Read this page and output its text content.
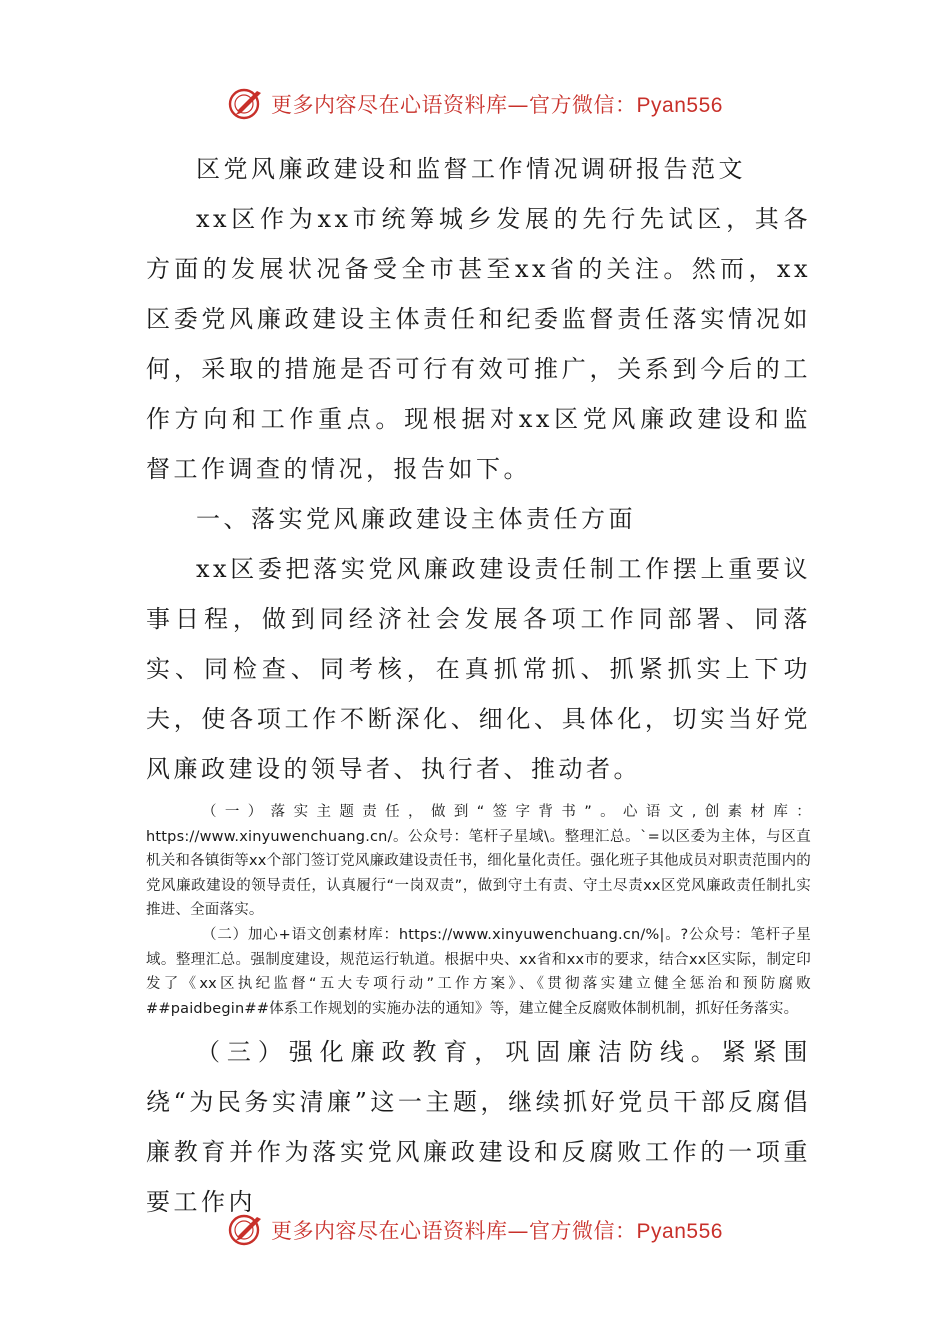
更多内容尽在心语资料库—官方微信：Pyan556

区党风廉政建设和监督工作情况调研报告范文

xx区作为xx市统筹城乡发展的先行先试区，其各方面的发展状况备受全市甚至xx省的关注。然而，xx区委党风廉政建设主体责任和纪委监督责任落实情况如何，采取的措施是否可行有效可推广，关系到今后的工作方向和工作重点。现根据对xx区党风廉政建设和监督工作调查的情况，报告如下。

一、落实党风廉政建设主体责任方面

xx区委把落实党风廉政建设责任制工作摆上重要议事日程，做到同经济社会发展各项工作同部署、同落实、同检查、同考核，在真抓常抓、抓紧抓实上下功夫，使各项工作不断深化、细化、具体化，切实当好党风廉政建设的领导者、执行者、推动者。

（一）落实主题责任，做到“签字背书”。心语文,创素材库：https://www.xinyuwenchuang.cn/。公众号：笔杆子星域\。整理汇总。`=以区委为主体，与区直机关和各镇街等xx个部门签订党风廉政建设责任书，细化量化责任。强化班子其他成员对职责范围内的党风廉政建设的领导责任，认真履行“一岗双责”，做到守土有责、守土尽责xx区党风廉政责任制扎实推进、全面落实。

（二）加心+语文创素材库：https://www.xinyuwenchuang.cn/%|。?公众号：笔杆子星域。整理汇总。强制度建设，规范运行轨道。根据中央、xx省和xx市的要求，结合xx区实际，制定印发了《xx区执纪监督“五大专项行动”工作方案》、《贯彻落实建立健全惩治和预防腐败##paidbegin##体系工作规划的实施办法的通知》等，建立健全反腐败体制机制，抓好任务落实。

（三）强化廉政教育，巩固廉洁防线。紧紧围绕“为民务实清廉”这一主题，继续抓好党员干部反腐倡廉教育并作为落实党风廉政建设和反腐败工作的一项重要工作内

更多内容尽在心语资料库—官方微信：Pyan556
